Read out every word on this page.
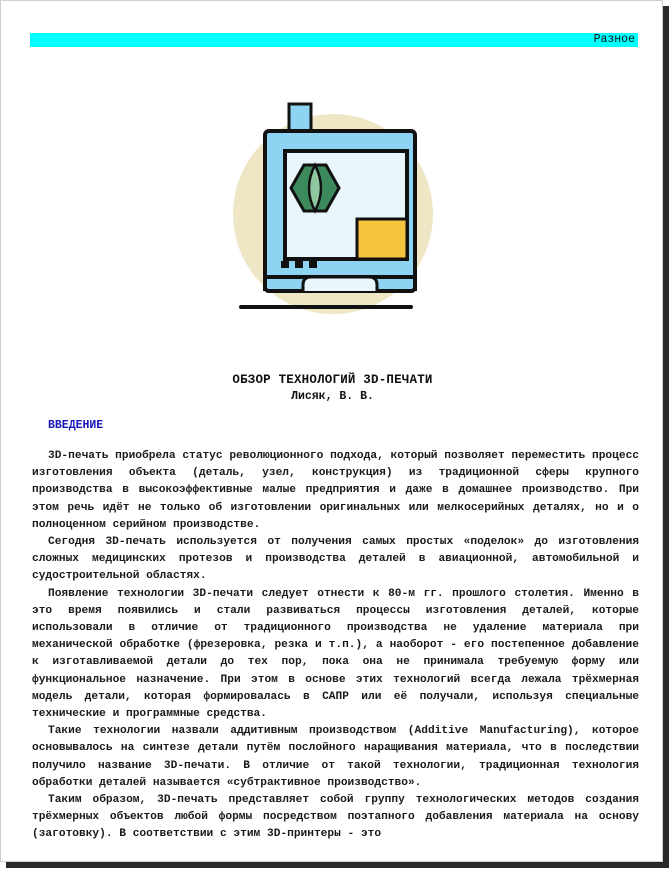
Разное
ОБЗОР ТЕХНОЛОГИЙ 3D-ПЕЧАТИ
Лисяк, В. В.
ВВЕДЕНИЕ

3D-печать приобрела статус революционного подхода, который позволяет переместить процесс изготовления объекта (деталь, узел, конструкция) из традиционной сферы крупного производства в высокоэффективные малые предприятия и даже в домашнее производство. При этом речь идёт не только об изготовлении оригинальных или мелкосерийных деталях, но и о полноценном серийном производстве.

Сегодня 3D-печать используется от получения самых простых «поделок» до изготовления сложных медицинских протезов и производства деталей в авиационной, автомобильной и судостроительной областях.

Появление технологии 3D-печати следует отнести к 80-м гг. прошлого столетия. Именно в это время появились и стали развиваться процессы изготовления деталей, которые использовали в отличие от традиционного производства не удаление материала при механической обработке (фрезеровка, резка и т.п.), а наоборот - его постепенное добавление к изготавливаемой детали до тех пор, пока она не принимала требуемую форму или функциональное назначение. При этом в основе этих технологий всегда лежала трёхмерная модель детали, которая формировалась в САПР или её получали, используя специальные технические и программные средства.

Такие технологии назвали аддитивным производством (Additive Manufacturing), которое основывалось на синтезе детали путём послойного наращивания материала, что в последствии получило название 3D-печати. В отличие от такой технологии, традиционная технология обработки деталей называется «субтрактивное производство».

Таким образом, 3D-печать представляет собой группу технологических методов создания трёхмерных объектов любой формы посредством поэтапного добавления материала на основу (заготовку). В соответствии с этим 3D-принтеры - это
